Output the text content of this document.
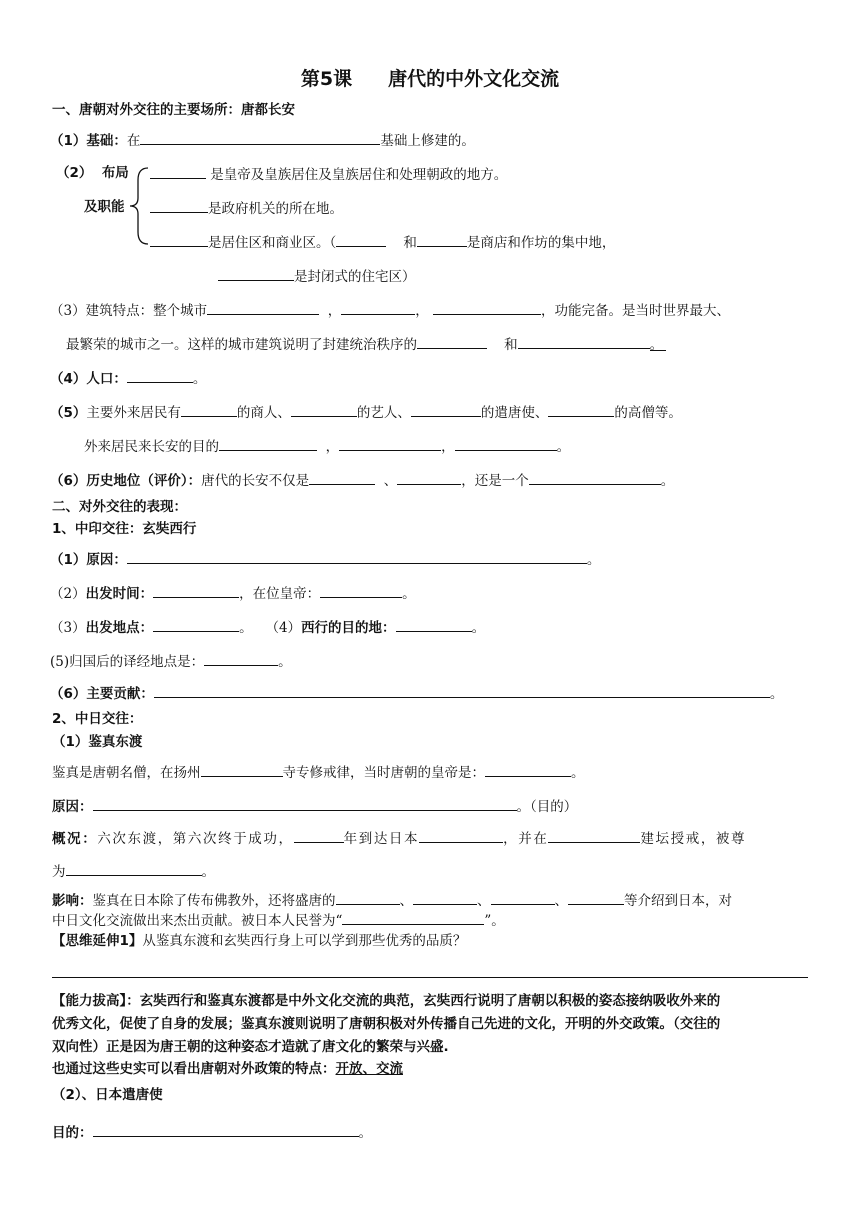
第5课 唐代的中外文化交流
一、唐朝对外交往的主要场所：唐都长安
（1）基础：在	基础上修建的。
（2） 布局
及职能
是皇帝及皇族居住及皇族居住和处理朝政的地方。
是政府机关的所在地。
是居住区和商业区。（	和	是商店和作坊的集中地，
是封闭式的住宅区）
（3）建筑特点：整个城市	，	，	，功能完备。是当时世界最大、
最繁荣的城市之一。这样的城市建筑说明了封建统治秩序的	和	。
（4）人口：	。
（5）主要外来居民有	的商人、	的艺人、	的遣唐使、	的高僧等。
外来居民来长安的目的	，	，	。
（6）历史地位（评价）：唐代的长安不仅是	、	，还是一个	。
二、对外交往的表现：
1、中印交往：玄奘西行
（1）原因：	。
（2）出发时间：	，在位皇帝：	。
（3）出发地点：	。 （4）西行的目的地：	。
(5)归国后的译经地点是：	。
（6）主要贡献：	。
2、中日交往：
（1）鉴真东渡
鉴真是唐朝名僧，在扬州	寺专修戒律，当时唐朝的皇帝是：	。
原因：	。（目的）
概况：六次东渡，第六次终于成功，	年到达日本	，并在	建坛授戒，被尊
为	。
影响：鉴真在日本除了传布佛教外，还将盛唐的	、	、	、	等介绍到日本，对
中日文化交流做出来杰出贡献。被日本人民誉为“	”。
【思维延伸1】从鉴真东渡和玄奘西行身上可以学到那些优秀的品质？
【能力拔高】：玄奘西行和鉴真东渡都是中外文化交流的典范，玄奘西行说明了唐朝以积极的姿态接纳吸收外来的
优秀文化，促使了自身的发展；鉴真东渡则说明了唐朝积极对外传播自己先进的文化，开明的外交政策。（交往的
双向性）正是因为唐王朝的这种姿态才造就了唐文化的繁荣与兴盛.
也通过这些史实可以看出唐朝对外政策的特点：开放、交流
（2）、日本遣唐使
目的：	。
